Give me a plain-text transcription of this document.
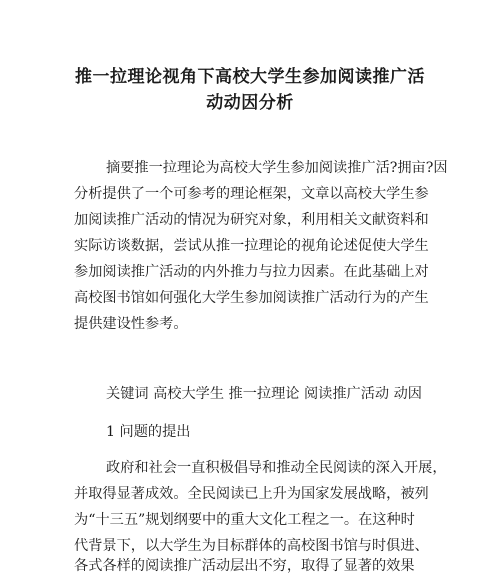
推一拉理论视角下高校大学生参加阅读推广活
动动因分析

摘要推一拉理论为高校大学生参加阅读推广活?拥亩?因

分析提供了一个可参考的理论框架，文章以高校大学生参

加阅读推广活动的情况为研究对象，利用相关文献资料和

实际访谈数据，尝试从推一拉理论的视角论述促使大学生

参加阅读推广活动的内外推力与拉力因素。在此基础上对

高校图书馆如何强化大学生参加阅读推广活动行为的产生

提供建设性参考。

关键词 高校大学生 推一拉理论 阅读推广活动 动因

1 问题的提出

政府和社会一直积极倡导和推动全民阅读的深入开展，

并取得显著成效。全民阅读已上升为国家发展战略，被列

为“十三五”规划纲要中的重大文化工程之一。在这种时

代背景下，以大学生为目标群体的高校图书馆与时俱进、

各式各样的阅读推广活动层出不穷，取得了显著的效果
